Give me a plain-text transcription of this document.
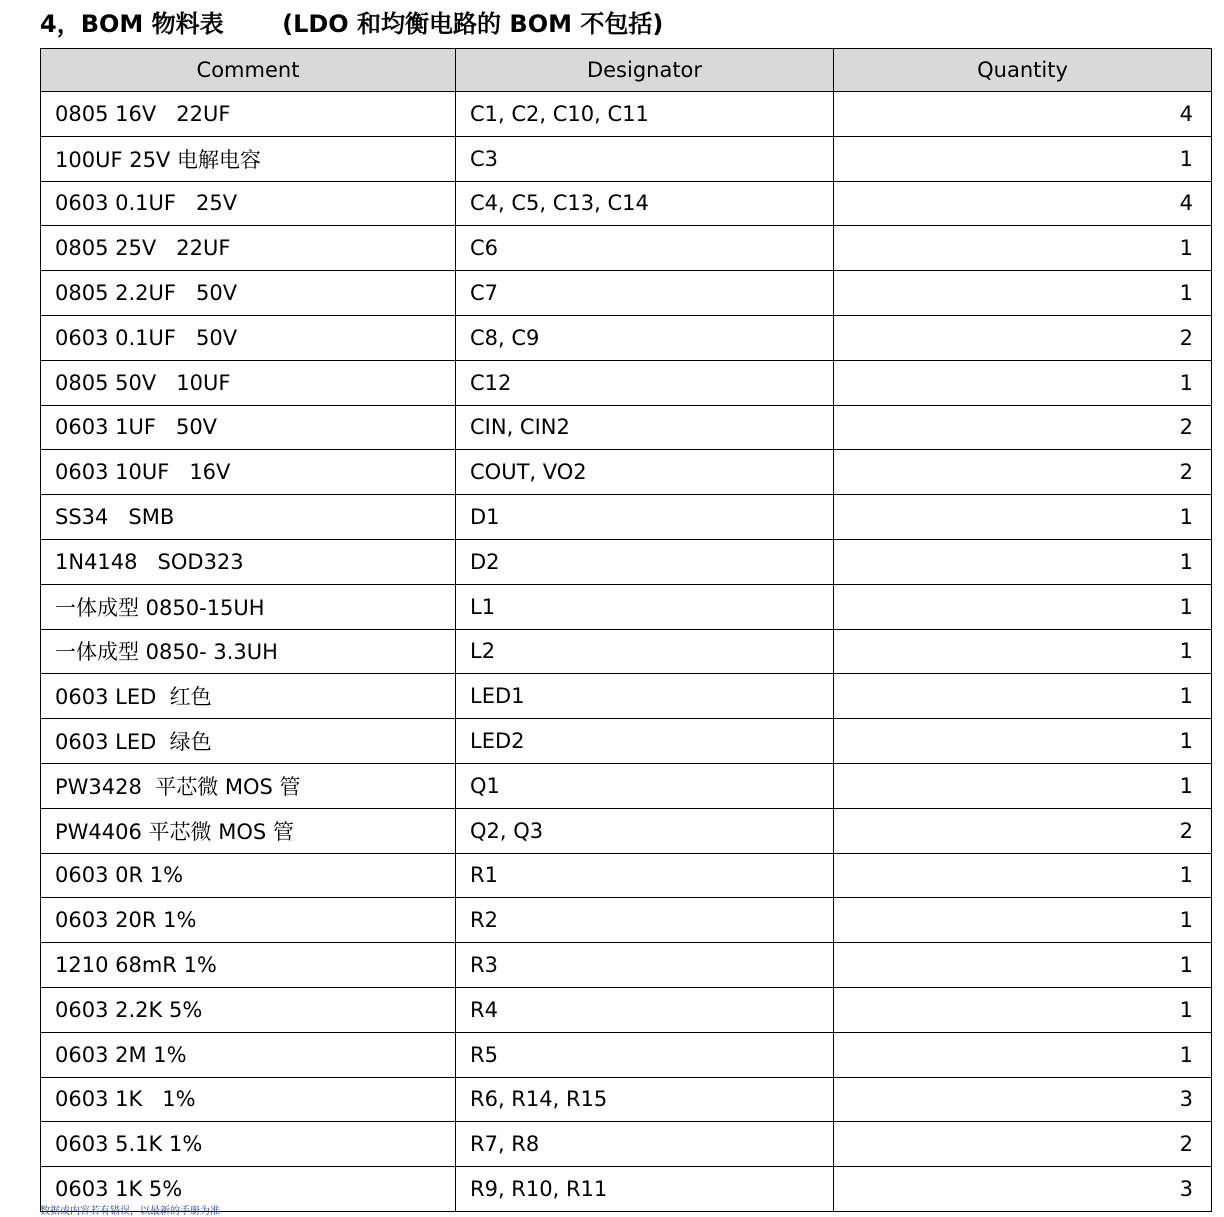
4，BOM 物料表       (LDO 和均衡电路的 BOM 不包括)
Comment	Designator	Quantity
0805 16V   22UF	C1, C2, C10, C11	4
100UF 25V 电解电容	C3	1
0603 0.1UF   25V	C4, C5, C13, C14	4
0805 25V   22UF	C6	1
0805 2.2UF   50V	C7	1
0603 0.1UF   50V	C8, C9	2
0805 50V   10UF	C12	1
0603 1UF   50V	CIN, CIN2	2
0603 10UF   16V	COUT, VO2	2
SS34   SMB	D1	1
1N4148   SOD323	D2	1
一体成型 0850-15UH	L1	1
一体成型 0850- 3.3UH	L2	1
0603 LED  红色	LED1	1
0603 LED  绿色	LED2	1
PW3428  平芯微 MOS 管	Q1	1
PW4406 平芯微 MOS 管	Q2, Q3	2
0603 0R 1%	R1	1
0603 20R 1%	R2	1
1210 68mR 1%	R3	1
0603 2.2K 5%	R4	1
0603 2M 1%	R5	1
0603 1K   1%	R6, R14, R15	3
0603 5.1K 1%	R7, R8	2
0603 1K 5%	R9, R10, R11	3
数据或内容若有错误，以最新的手册为准
